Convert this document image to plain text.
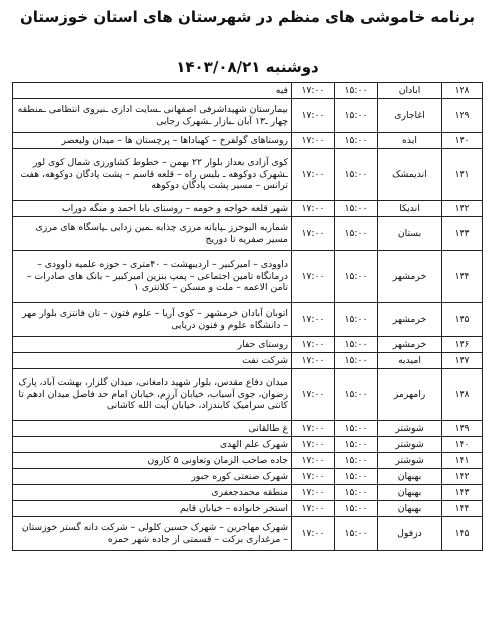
برنامه خاموشی های منظم در شهرستان های استان خوزستان
دوشنبه ۱۴۰۳/۰۸/۲۱
۱۲۸	ابادان	۱۵:۰۰	۱۷:۰۰	فیه
۱۲۹	اغاجاری	۱۵:۰۰	۱۷:۰۰	بیمارستان شهیداشرفی اصفهانی ـسایت اداری ـنیروی انتظامی ـمنطقه چهار ـ۱۳ آبان ـبازار ـشهرک رجایی
۱۳۰	ایذه	۱۵:۰۰	۱۷:۰۰	روستاهای گولفرخ – کهباداها – پرچستان ها – میدان ولیعصر
۱۳۱	اندیمشک	۱۵:۰۰	۱۷:۰۰	کوی آزادی بعداز بلوار ۲۲ بهمن – خطوط کشاورزی شمال کوی لور ـشهرک دوکوهه ـ بلیس راه – قلعه قاسم – پشت پادگان دوکوهه، هفت ترانس – مسیر پشت پادگان دوکوهه
۱۳۲	اندیکا	۱۵:۰۰	۱۷:۰۰	شهر قلعه خواجه و حومه – روستای بابا احمد و منگه دوراب
۱۳۳	بستان	۱۵:۰۰	۱۷:۰۰	شماریه البوحرز ـپایانه مرزی چذابه ـمین زدایی ـپاسگاه های مرزی مسیر صفریه تا دوریج
۱۳۴	خرمشهر	۱۵:۰۰	۱۷:۰۰	داوودی – امیرکبیر – اردیبهشت – ۴۰متری – حوزه علمیه داوودی – درمانگاه تامین اجتماعی – پمپ بنزین امیرکبیر – بانک های صادرات – تامن الاعمه – ملت و مسکن – کلانتری ۱
۱۳۵	خرمشهر	۱۵:۰۰	۱۷:۰۰	اتوبان آبادان خرمشهر – کوی آریا – علوم فتون – تان فانتزی بلوار مهر – دانشگاه علوم و فنون دریایی
۱۳۶	خرمشهر	۱۵:۰۰	۱۷:۰۰	روستای حفار
۱۳۷	امیدیه	۱۵:۰۰	۱۷:۰۰	شرکت نفت
۱۳۸	رامهرمز	۱۵:۰۰	۱۷:۰۰	میدان دفاع مقدس، بلوار شهید دامغانی، میدان گلزار، بهشت آباد، پارک رضوان، جوی آسیاب، خیابان آرزم، خیابان امام حد فاصل میدان ادهم تا کانتی سرامیک کابندزاد، خیابان آیت الله کاشانی
۱۳۹	شوشتر	۱۵:۰۰	۱۷:۰۰	غ طالقانی
۱۴۰	شوشتر	۱۵:۰۰	۱۷:۰۰	شهرک علم الهدی
۱۴۱	شوشتر	۱۵:۰۰	۱۷:۰۰	جاده صاحب الزمان وتعاونی ۵ کارون
۱۴۲	بهبهان	۱۵:۰۰	۱۷:۰۰	شهرک صنعتی کوره جبور
۱۴۳	بهبهان	۱۵:۰۰	۱۷:۰۰	منطقه محمدجعفری
۱۴۴	بهبهان	۱۵:۰۰	۱۷:۰۰	استخر خانواده – خیابان قایم
۱۴۵	دزفول	۱۵:۰۰	۱۷:۰۰	شهرک مهاجرین – شهرک حسین کلولی – شرکت دانه گستر خوزستان – مرغداری برکت – قسمتی از جاده شهر حمزه
